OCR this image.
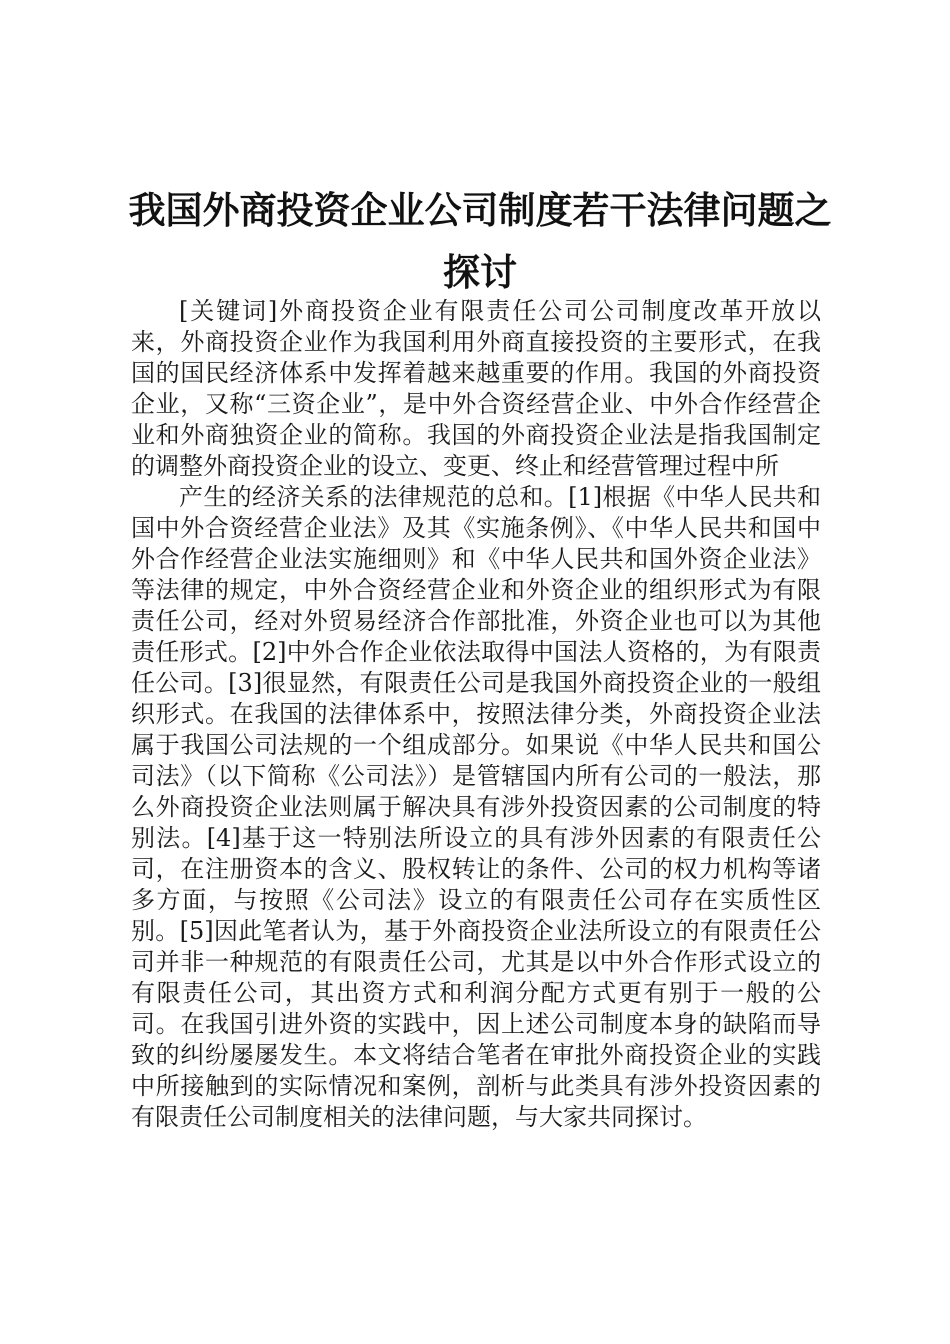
我国外商投资企业公司制度若干法律问题之探讨

[关键词]外商投资企业有限责任公司公司制度改革开放以来，外商投资企业作为我国利用外商直接投资的主要形式，在我国的国民经济体系中发挥着越来越重要的作用。我国的外商投资企业，又称“三资企业”，是中外合资经营企业、中外合作经营企业和外商独资企业的简称。我国的外商投资企业法是指我国制定的调整外商投资企业的设立、变更、终止和经营管理过程中所

产生的经济关系的法律规范的总和。[1]根据《中华人民共和国中外合资经营企业法》及其《实施条例》、《中华人民共和国中外合作经营企业法实施细则》和《中华人民共和国外资企业法》等法律的规定，中外合资经营企业和外资企业的组织形式为有限责任公司，经对外贸易经济合作部批准，外资企业也可以为其他责任形式。[2]中外合作企业依法取得中国法人资格的，为有限责任公司。[3]很显然，有限责任公司是我国外商投资企业的一般组织形式。在我国的法律体系中，按照法律分类，外商投资企业法属于我国公司法规的一个组成部分。如果说《中华人民共和国公司法》（以下简称《公司法》）是管辖国内所有公司的一般法，那么外商投资企业法则属于解决具有涉外投资因素的公司制度的特别法。[4]基于这一特别法所设立的具有涉外因素的有限责任公司，在注册资本的含义、股权转让的条件、公司的权力机构等诸多方面，与按照《公司法》设立的有限责任公司存在实质性区别。[5]因此笔者认为，基于外商投资企业法所设立的有限责任公司并非一种规范的有限责任公司，尤其是以中外合作形式设立的有限责任公司，其出资方式和利润分配方式更有别于一般的公司。在我国引进外资的实践中，因上述公司制度本身的缺陷而导致的纠纷屡屡发生。本文将结合笔者在审批外商投资企业的实践中所接触到的实际情况和案例，剖析与此类具有涉外投资因素的有限责任公司制度相关的法律问题，与大家共同探讨。
